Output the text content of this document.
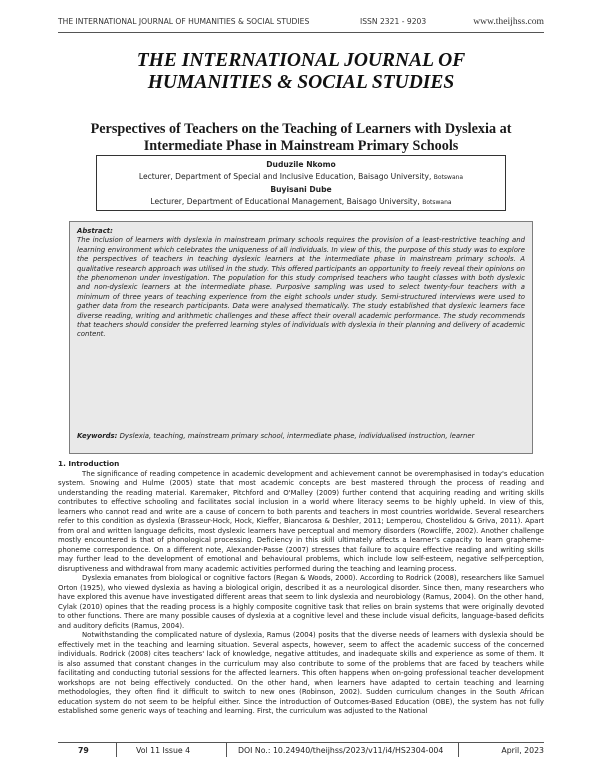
THE INTERNATIONAL JOURNAL OF HUMANITIES & SOCIAL STUDIES	ISSN 2321 - 9203	www.theijhss.com
THE INTERNATIONAL JOURNAL OF
HUMANITIES & SOCIAL STUDIES
Perspectives of Teachers on the Teaching of Learners with Dyslexia at
Intermediate Phase in Mainstream Primary Schools
Duduzile Nkomo
Lecturer, Department of Special and Inclusive Education, Baisago University, Botswana
Buyisani Dube
Lecturer, Department of Educational Management, Baisago University, Botswana
Abstract:
The inclusion of learners with dyslexia in mainstream primary schools requires the provision of a least-restrictive teaching and learning environment which celebrates the uniqueness of all individuals. In view of this, the purpose of this study was to explore the perspectives of teachers in teaching dyslexic learners at the intermediate phase in mainstream primary schools. A qualitative research approach was utilised in the study. This offered participants an opportunity to freely reveal their opinions on the phenomenon under investigation. The population for this study comprised teachers who taught classes with both dyslexic and non-dyslexic learners at the intermediate phase. Purposive sampling was used to select twenty-four teachers with a minimum of three years of teaching experience from the eight schools under study. Semi-structured interviews were used to gather data from the research participants. Data were analysed thematically. The study established that dyslexic learners face diverse reading, writing and arithmetic challenges and these affect their overall academic performance. The study recommends that teachers should consider the preferred learning styles of individuals with dyslexia in their planning and delivery of academic content.
Keywords: Dyslexia, teaching, mainstream primary school, intermediate phase, individualised instruction, learner
1. Introduction

The significance of reading competence in academic development and achievement cannot be overemphasised in today's education system. Snowing and Hulme (2005) state that most academic concepts are best mastered through the process of reading and understanding the reading material. Karemaker, Pitchford and O'Malley (2009) further contend that acquiring reading and writing skills contributes to effective schooling and facilitates social inclusion in a world where literacy seems to be highly upheld. In view of this, learners who cannot read and write are a cause of concern to both parents and teachers in most countries worldwide. Several researchers refer to this condition as dyslexia (Brasseur-Hock, Hock, Kieffer, Biancarosa & Deshler, 2011; Lemperou, Chostelidou & Griva, 2011). Apart from oral and written language deficits, most dyslexic learners have perceptual and memory disorders (Rowcliffe, 2002). Another challenge mostly encountered is that of phonological processing. Deficiency in this skill ultimately affects a learner's capacity to learn grapheme-phoneme correspondence. On a different note, Alexander-Passe (2007) stresses that failure to acquire effective reading and writing skills may further lead to the development of emotional and behavioural problems, which include low self-esteem, negative self-perception, disruptiveness and withdrawal from many academic activities performed during the teaching and learning process.

Dyslexia emanates from biological or cognitive factors (Regan & Woods, 2000). According to Rodrick (2008), researchers like Samuel Orton (1925), who viewed dyslexia as having a biological origin, described it as a neurological disorder. Since then, many researchers who have explored this avenue have investigated different areas that seem to link dyslexia and neurobiology (Ramus, 2004). On the other hand, Cylak (2010) opines that the reading process is a highly composite cognitive task that relies on brain systems that were originally devoted to other functions. There are many possible causes of dyslexia at a cognitive level and these include visual deficits, language-based deficits and auditory deficits (Ramus, 2004).

Notwithstanding the complicated nature of dyslexia, Ramus (2004) posits that the diverse needs of learners with dyslexia should be effectively met in the teaching and learning situation. Several aspects, however, seem to affect the academic success of the concerned individuals. Rodrick (2008) cites teachers' lack of knowledge, negative attitudes, and inadequate skills and experience as some of them. It is also assumed that constant changes in the curriculum may also contribute to some of the problems that are faced by teachers while facilitating and conducting tutorial sessions for the affected learners. This often happens when on-going professional teacher development workshops are not being effectively conducted. On the other hand, when learners have adapted to certain teaching and learning methodologies, they often find it difficult to switch to new ones (Robinson, 2002). Sudden curriculum changes in the South African education system do not seem to be helpful either. Since the introduction of Outcomes-Based Education (OBE), the system has not fully established some generic ways of teaching and learning. First, the curriculum was adjusted to the National

79	Vol 11 Issue 4	DOI No.: 10.24940/theijhss/2023/v11/i4/HS2304-004	April, 2023
